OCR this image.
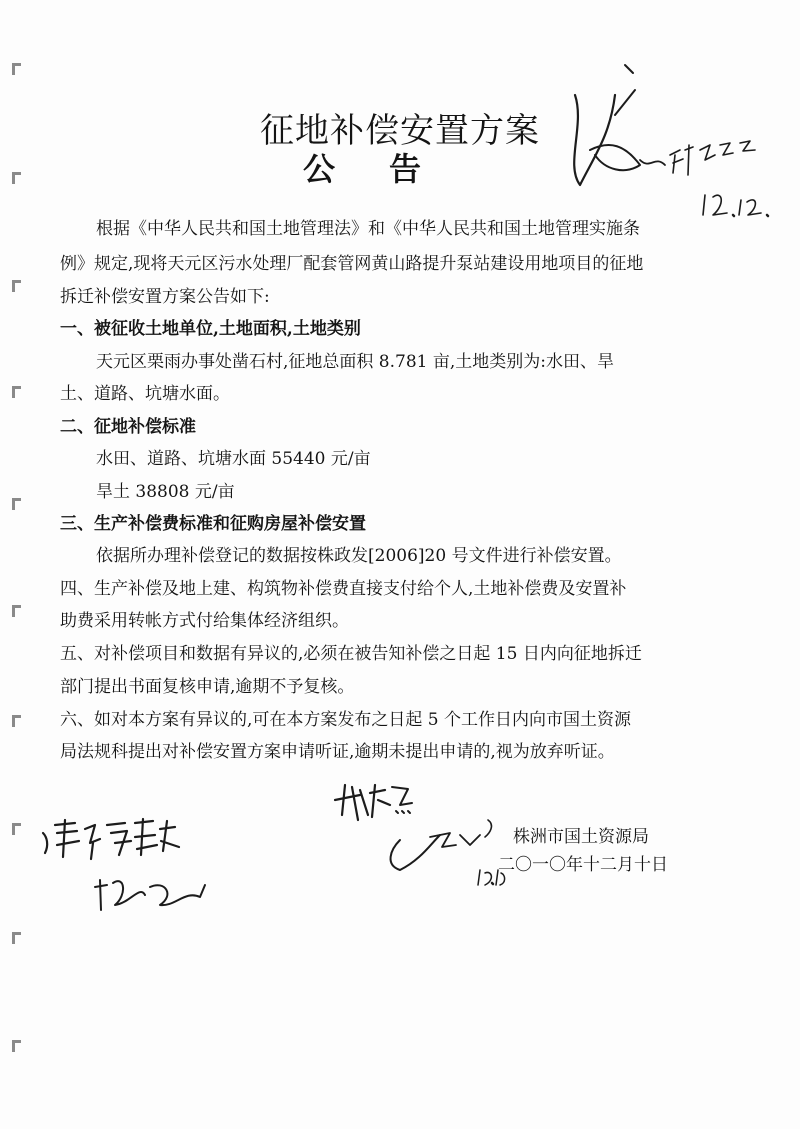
征地补偿安置方案
公告

根据《中华人民共和国土地管理法》和《中华人民共和国土地管理实施条

例》规定,现将天元区污水处理厂配套管网黄山路提升泵站建设用地项目的征地

拆迁补偿安置方案公告如下:

一、被征收土地单位,土地面积,土地类别

天元区栗雨办事处凿石村,征地总面积 8.781 亩,土地类别为:水田、旱

土、道路、坑塘水面。

二、征地补偿标准

水田、道路、坑塘水面 55440 元/亩

旱土 38808 元/亩

三、生产补偿费标准和征购房屋补偿安置

依据所办理补偿登记的数据按株政发[2006]20 号文件进行补偿安置。

四、生产补偿及地上建、构筑物补偿费直接支付给个人,土地补偿费及安置补

助费采用转帐方式付给集体经济组织。

五、对补偿项目和数据有异议的,必须在被告知补偿之日起 15 日内向征地拆迁

部门提出书面复核申请,逾期不予复核。

六、如对本方案有异议的,可在本方案发布之日起 5 个工作日内向市国土资源

局法规科提出对补偿安置方案申请听证,逾期未提出申请的,视为放弃听证。

株洲市国土资源局
二〇一〇年十二月十日
